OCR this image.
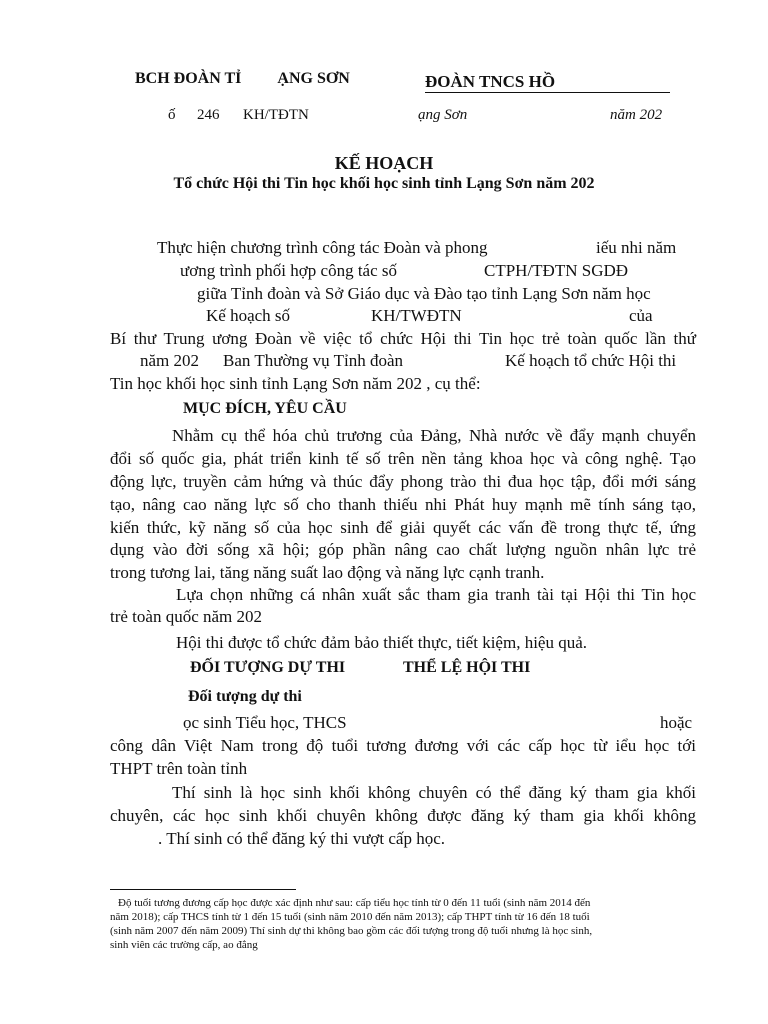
BCH ĐOÀN TỈ ẠNG SƠN	ĐOÀN TNCS HỒ
ố 246 KH/TĐTN	ạng Sơn	năm 202
KẾ HOẠCH
Tổ chức Hội thi Tin học khối học sinh tỉnh Lạng Sơn năm 202
Thực hiện chương trình công tác Đoàn và phong	iếu nhi năm
ương trình phối hợp công tác số	CTPH/TĐTN SGDĐ
giữa Tỉnh đoàn và Sở Giáo dục và Đào tạo tỉnh Lạng Sơn năm học
Kế hoạch số	KH/TWĐTN	của
Bí thư Trung ương Đoàn về việc tổ chức Hội thi Tin học trẻ toàn quốc lần thứ
năm 202 Ban Thường vụ Tỉnh đoàn	Kế hoạch tổ chức Hội thi
Tin học khối học sinh tỉnh Lạng Sơn năm 202 , cụ thể:
MỤC ĐÍCH, YÊU CẦU
Nhằm cụ thể hóa chủ trương của Đảng, Nhà nước về đẩy mạnh chuyển
đổi số quốc gia, phát triển kinh tế số trên nền tảng khoa học và công nghệ. Tạo
động lực, truyền cảm hứng và thúc đẩy phong trào thi đua học tập, đổi mới sáng
tạo, nâng cao năng lực số cho thanh thiếu nhi Phát huy mạnh mẽ tính sáng tạo,
kiến thức, kỹ năng số của học sinh để giải quyết các vấn đề trong thực tế, ứng
dụng vào đời sống xã hội; góp phần nâng cao chất lượng nguồn nhân lực trẻ
trong tương lai, tăng năng suất lao động và năng lực cạnh tranh.
Lựa chọn những cá nhân xuất sắc tham gia tranh tài tại Hội thi Tin học
trẻ toàn quốc năm 202
Hội thi được tổ chức đảm bảo thiết thực, tiết kiệm, hiệu quả.
ĐỐI TƯỢNG DỰ THI	THỂ LỆ HỘI THI
Đối tượng dự thi
ọc sinh Tiểu học, THCS	hoặc
công dân Việt Nam trong độ tuổi tương đương với các cấp học từ iểu học tới
THPT trên toàn tỉnh
Thí sinh là học sinh khối không chuyên có thể đăng ký tham gia khối
chuyên, các học sinh khối chuyên không được đăng ký tham gia khối không
. Thí sinh có thể đăng ký thi vượt cấp học.
Độ tuổi tương đương cấp học được xác định như sau: cấp tiểu học tính từ 0 đến 11 tuổi (sinh năm 2014 đến
năm 2018); cấp THCS tính từ 1 đến 15 tuổi (sinh năm 2010 đến năm 2013); cấp THPT tính từ 16 đến 18 tuổi
(sinh năm 2007 đến năm 2009) Thí sinh dự thi không bao gồm các đối tượng trong độ tuổi nhưng là học sinh,
sinh viên các trường cấp, ao đẳng
